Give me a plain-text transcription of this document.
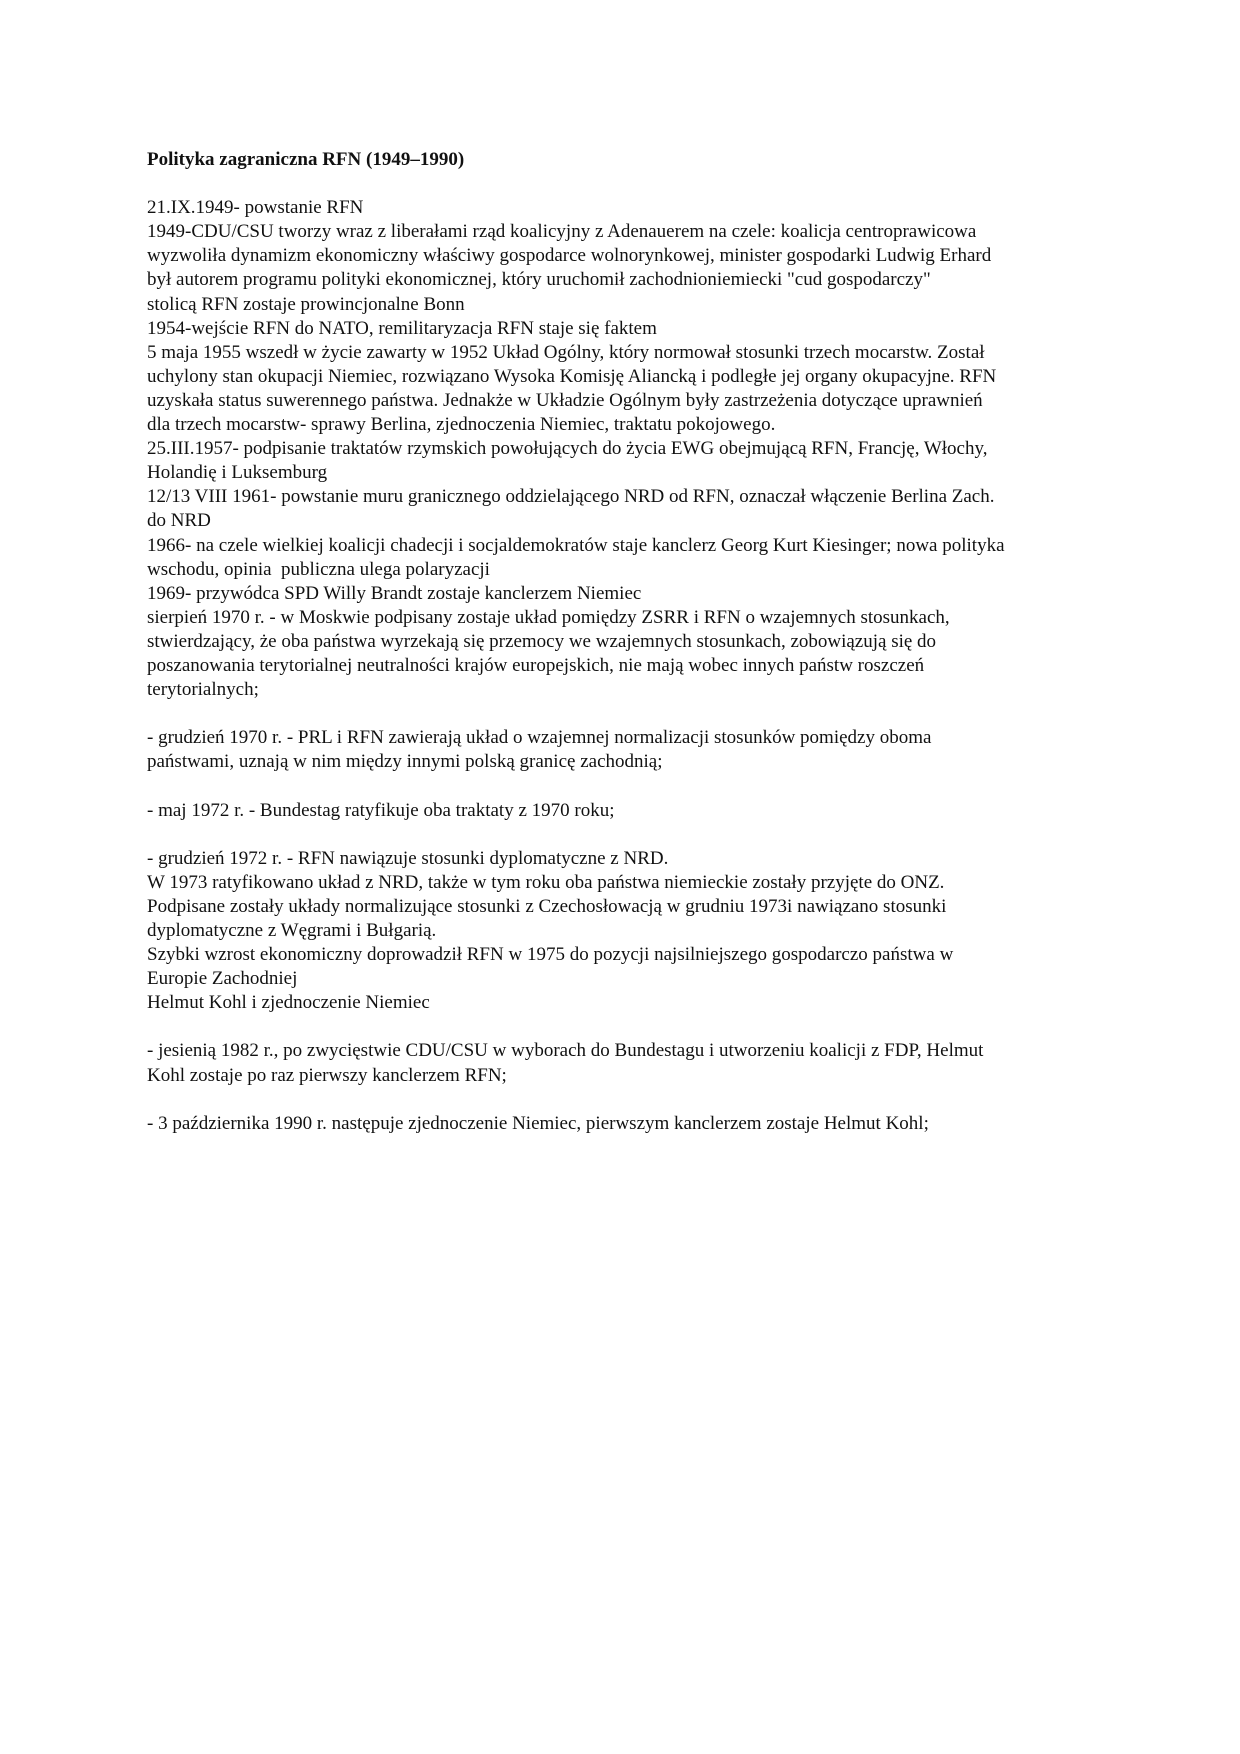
Polityka zagraniczna RFN (1949–1990)
21.IX.1949- powstanie RFN
1949-CDU/CSU tworzy wraz z liberałami rząd koalicyjny z Adenauerem na czele: koalicja centroprawicowa
wyzwoliła dynamizm ekonomiczny właściwy gospodarce wolnorynkowej, minister gospodarki Ludwig Erhard
był autorem programu polityki ekonomicznej, który uruchomił zachodnioniemiecki "cud gospodarczy"
stolicą RFN zostaje prowincjonalne Bonn
1954-wejście RFN do NATO, remilitaryzacja RFN staje się faktem
5 maja 1955 wszedł w życie zawarty w 1952 Układ Ogólny, który normował stosunki trzech mocarstw. Został
uchylony stan okupacji Niemiec, rozwiązano Wysoka Komisję Aliancką i podległe jej organy okupacyjne. RFN
uzyskała status suwerennego państwa. Jednakże w Układzie Ogólnym były zastrzeżenia dotyczące uprawnień
dla trzech mocarstw- sprawy Berlina, zjednoczenia Niemiec, traktatu pokojowego.
25.III.1957- podpisanie traktatów rzymskich powołujących do życia EWG obejmującą RFN, Francję, Włochy,
Holandię i Luksemburg
12/13 VIII 1961- powstanie muru granicznego oddzielającego NRD od RFN, oznaczał włączenie Berlina Zach.
do NRD
1966- na czele wielkiej koalicji chadecji i socjaldemokratów staje kanclerz Georg Kurt Kiesinger; nowa polityka
wschodu, opinia  publiczna ulega polaryzacji
1969- przywódca SPD Willy Brandt zostaje kanclerzem Niemiec
sierpień 1970 r. - w Moskwie podpisany zostaje układ pomiędzy ZSRR i RFN o wzajemnych stosunkach,
stwierdzający, że oba państwa wyrzekają się przemocy we wzajemnych stosunkach, zobowiązują się do
poszanowania terytorialnej neutralności krajów europejskich, nie mają wobec innych państw roszczeń
terytorialnych;
- grudzień 1970 r. - PRL i RFN zawierają układ o wzajemnej normalizacji stosunków pomiędzy oboma
państwami, uznają w nim między innymi polską granicę zachodnią;
- maj 1972 r. - Bundestag ratyfikuje oba traktaty z 1970 roku;
- grudzień 1972 r. - RFN nawiązuje stosunki dyplomatyczne z NRD.
W 1973 ratyfikowano układ z NRD, także w tym roku oba państwa niemieckie zostały przyjęte do ONZ.
Podpisane zostały układy normalizujące stosunki z Czechosłowacją w grudniu 1973i nawiązano stosunki
dyplomatyczne z Węgrami i Bułgarią.
Szybki wzrost ekonomiczny doprowadził RFN w 1975 do pozycji najsilniejszego gospodarczo państwa w
Europie Zachodniej
Helmut Kohl i zjednoczenie Niemiec
- jesienią 1982 r., po zwycięstwie CDU/CSU w wyborach do Bundestagu i utworzeniu koalicji z FDP, Helmut
Kohl zostaje po raz pierwszy kanclerzem RFN;
- 3 października 1990 r. następuje zjednoczenie Niemiec, pierwszym kanclerzem zostaje Helmut Kohl;
